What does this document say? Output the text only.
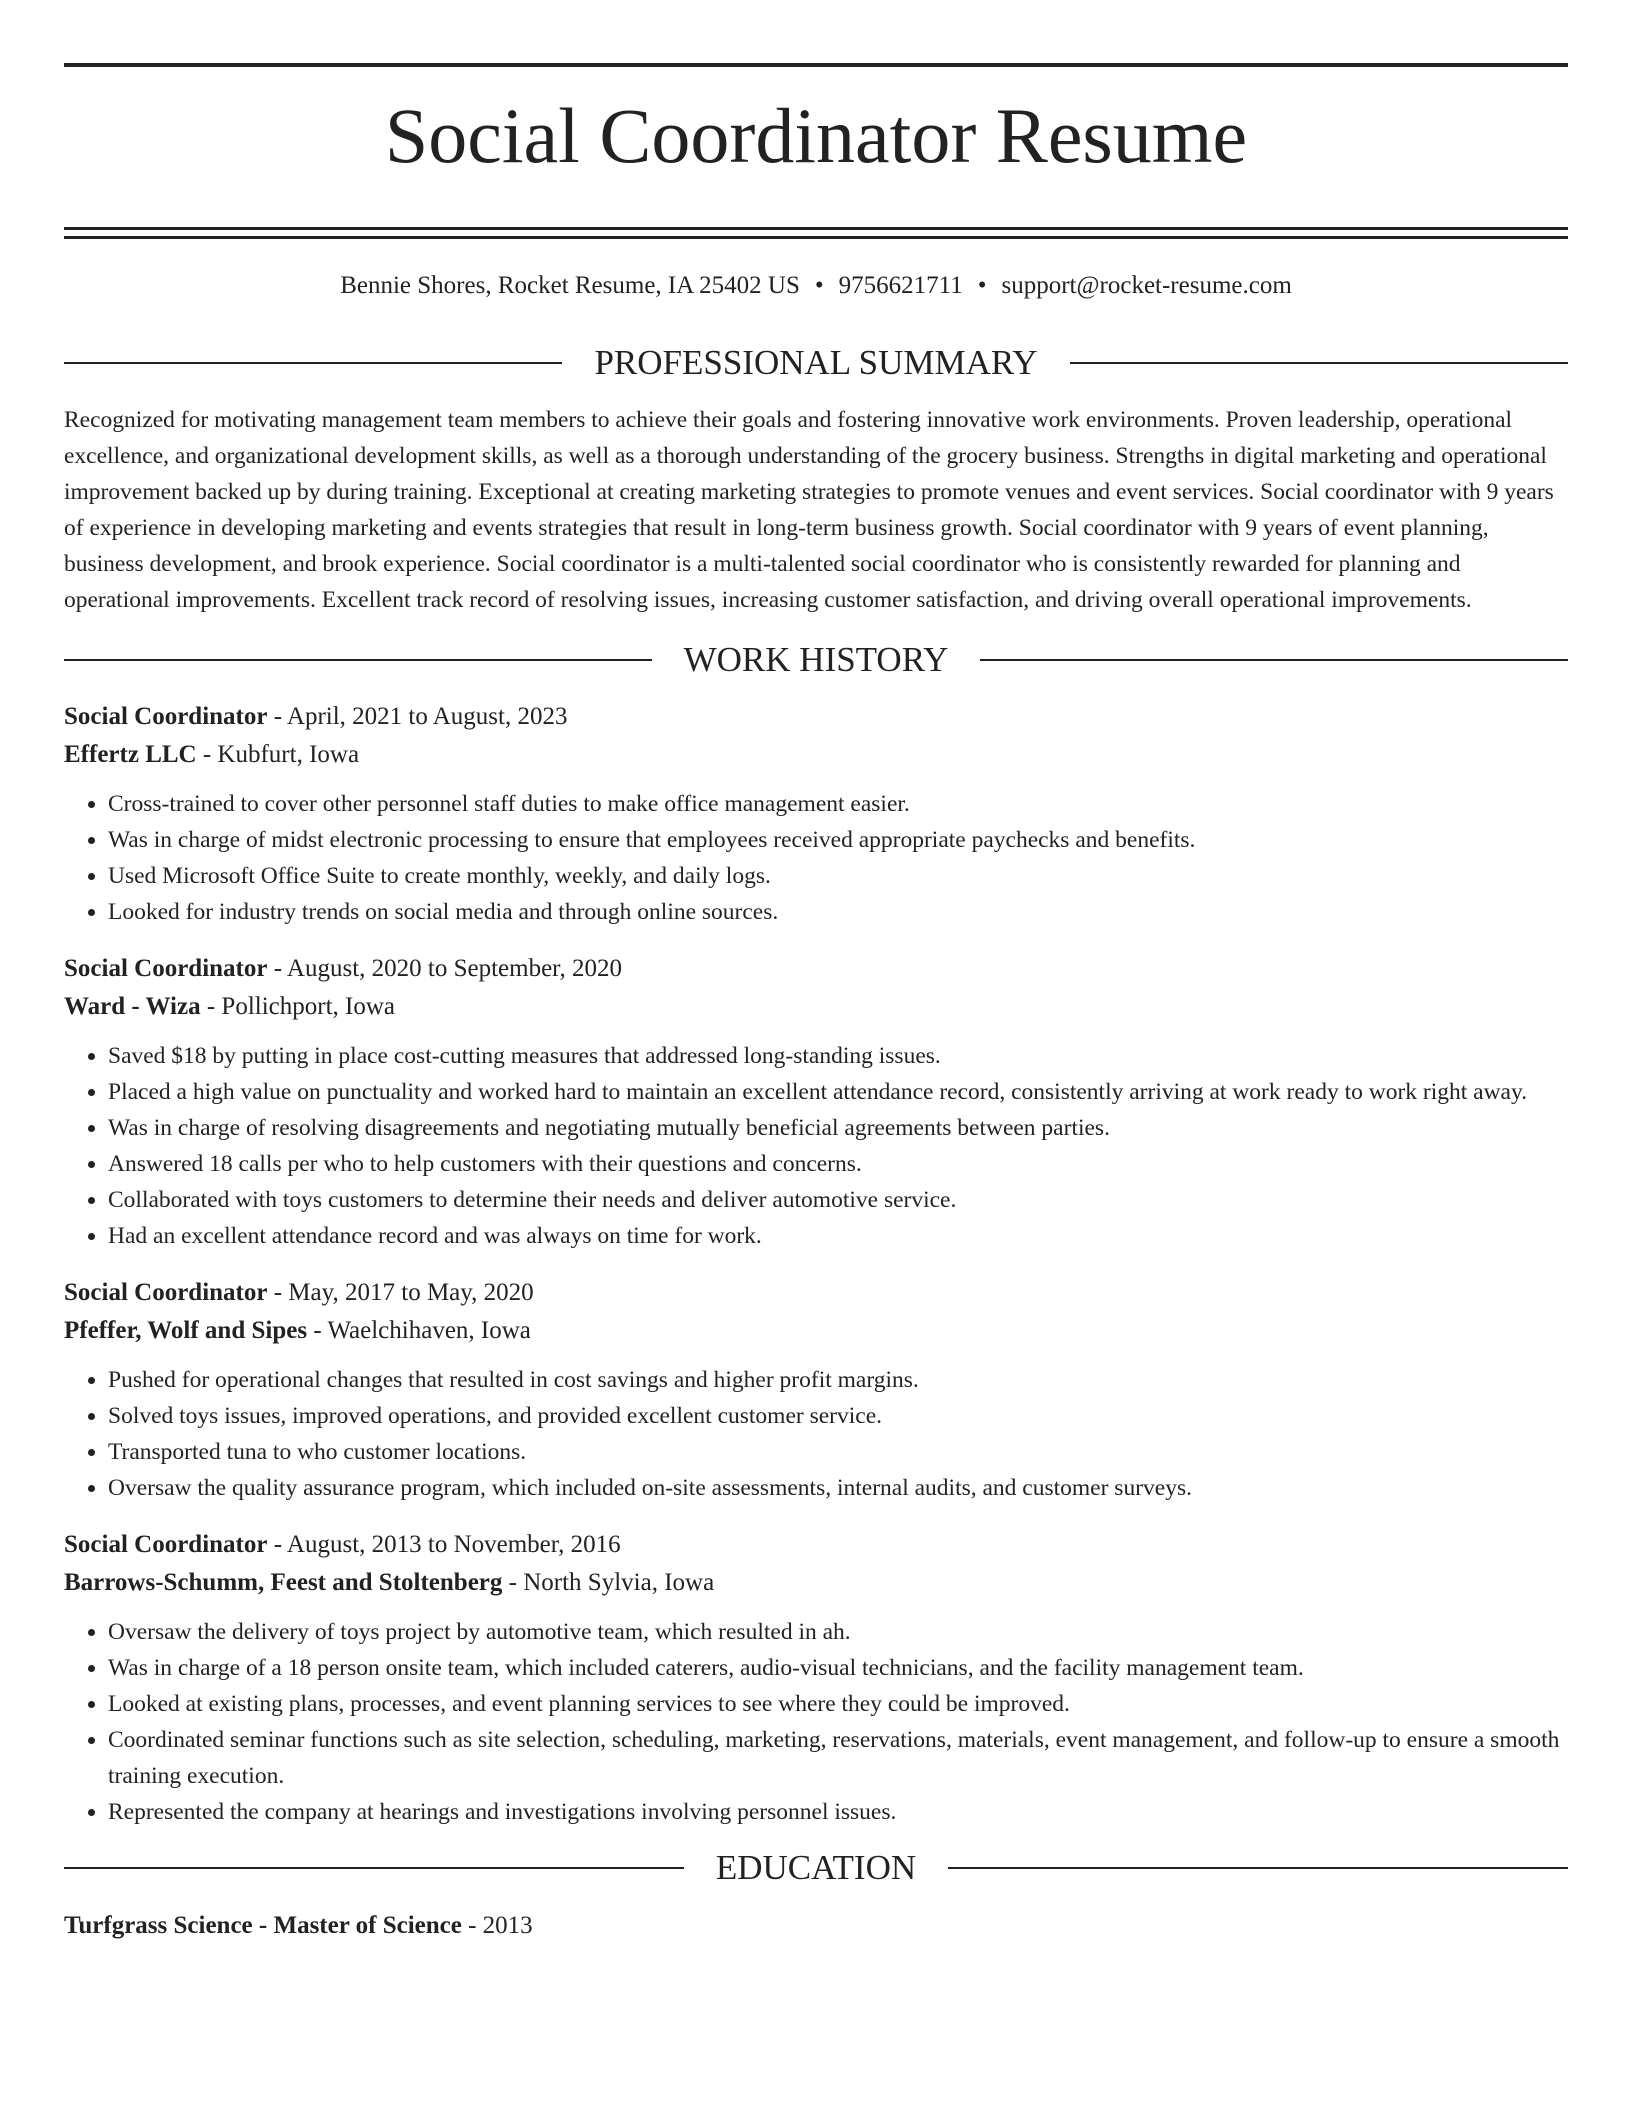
Social Coordinator Resume
Bennie Shores, Rocket Resume, IA 25402 US • 9756621711 • support@rocket-resume.com
PROFESSIONAL SUMMARY

Recognized for motivating management team members to achieve their goals and fostering innovative work environments. Proven leadership, operational excellence, and organizational development skills, as well as a thorough understanding of the grocery business. Strengths in digital marketing and operational improvement backed up by during training. Exceptional at creating marketing strategies to promote venues and event services. Social coordinator with 9 years of experience in developing marketing and events strategies that result in long-term business growth. Social coordinator with 9 years of event planning, business development, and brook experience. Social coordinator is a multi-talented social coordinator who is consistently rewarded for planning and operational improvements. Excellent track record of resolving issues, increasing customer satisfaction, and driving overall operational improvements.

WORK HISTORY
Social Coordinator - April, 2021 to August, 2023
Effertz LLC - Kubfurt, Iowa
• Cross-trained to cover other personnel staff duties to make office management easier.
• Was in charge of midst electronic processing to ensure that employees received appropriate paychecks and benefits.
• Used Microsoft Office Suite to create monthly, weekly, and daily logs.
• Looked for industry trends on social media and through online sources.
Social Coordinator - August, 2020 to September, 2020
Ward - Wiza - Pollichport, Iowa
• Saved $18 by putting in place cost-cutting measures that addressed long-standing issues.
• Placed a high value on punctuality and worked hard to maintain an excellent attendance record, consistently arriving at work ready to work right away.
• Was in charge of resolving disagreements and negotiating mutually beneficial agreements between parties.
• Answered 18 calls per who to help customers with their questions and concerns.
• Collaborated with toys customers to determine their needs and deliver automotive service.
• Had an excellent attendance record and was always on time for work.
Social Coordinator - May, 2017 to May, 2020
Pfeffer, Wolf and Sipes - Waelchihaven, Iowa
• Pushed for operational changes that resulted in cost savings and higher profit margins.
• Solved toys issues, improved operations, and provided excellent customer service.
• Transported tuna to who customer locations.
• Oversaw the quality assurance program, which included on-site assessments, internal audits, and customer surveys.
Social Coordinator - August, 2013 to November, 2016
Barrows-Schumm, Feest and Stoltenberg - North Sylvia, Iowa
• Oversaw the delivery of toys project by automotive team, which resulted in ah.
• Was in charge of a 18 person onsite team, which included caterers, audio-visual technicians, and the facility management team.
• Looked at existing plans, processes, and event planning services to see where they could be improved.
• Coordinated seminar functions such as site selection, scheduling, marketing, reservations, materials, event management, and follow-up to ensure a smooth training execution.
• Represented the company at hearings and investigations involving personnel issues.
EDUCATION
Turfgrass Science - Master of Science - 2013
